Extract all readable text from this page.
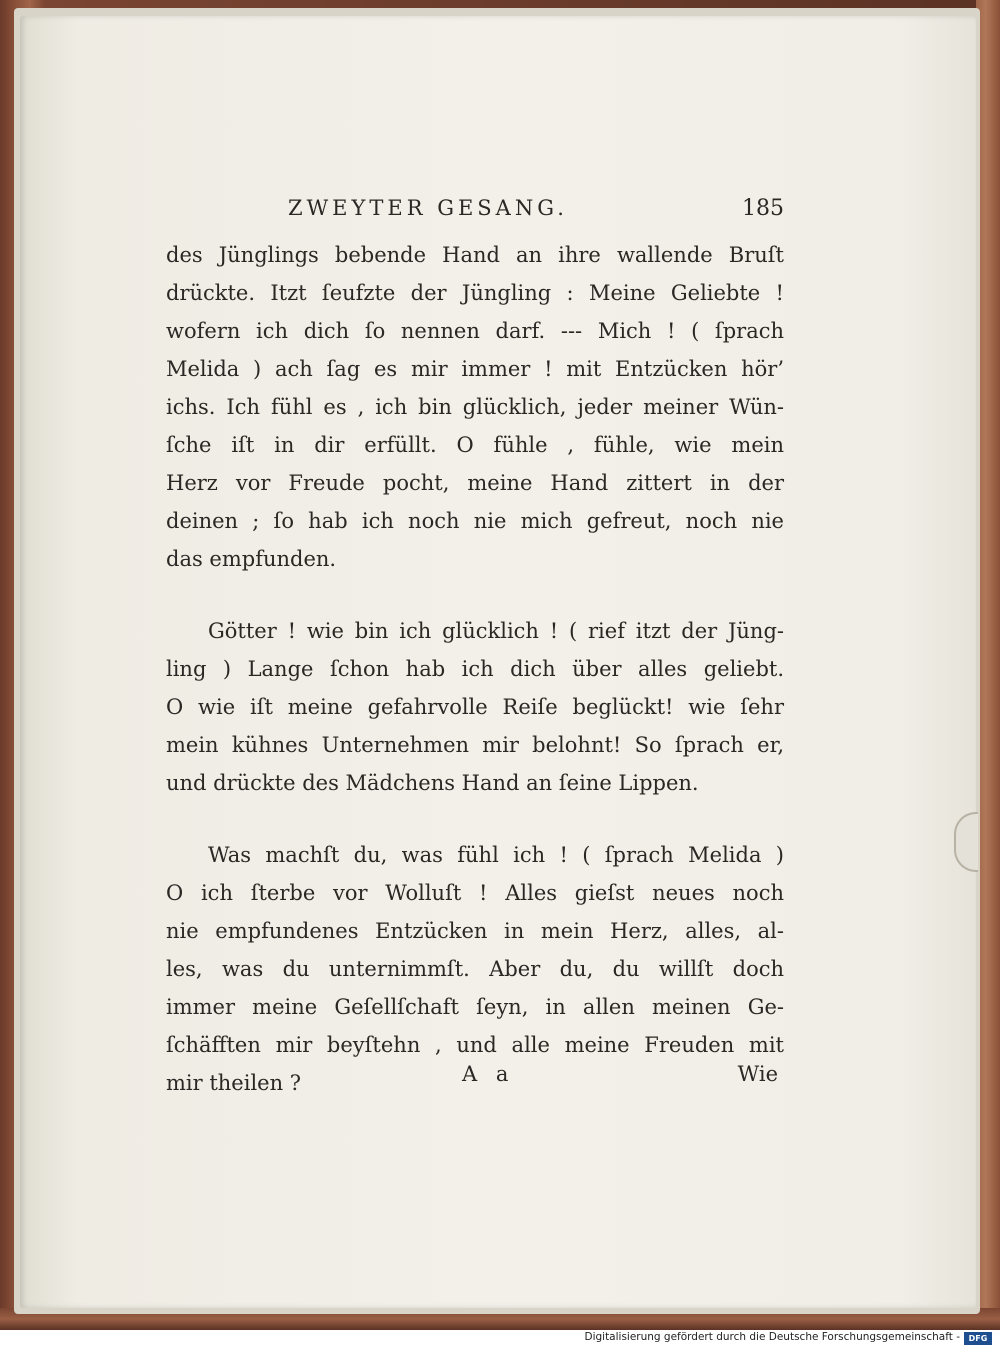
ZWEYTER GESANG.	185
des Jünglings bebende Hand an ihre wallende Bruſt
drückte. Itzt ſeufzte der Jüngling : Meine Geliebte !
wofern ich dich ſo nennen darf. --- Mich ! ( ſprach
Melida ) ach ſag es mir immer ! mit Entzücken hör’
ichs. Ich fühl es , ich bin glücklich, jeder meiner Wün-
ſche iſt in dir erfüllt. O fühle , fühle, wie mein
Herz vor Freude pocht, meine Hand zittert in der
deinen ; ſo hab ich noch nie mich gefreut, noch nie
das empfunden.
Götter ! wie bin ich glücklich ! ( rief itzt der Jüng-
ling ) Lange ſchon hab ich dich über alles geliebt.
O wie iſt meine gefahrvolle Reiſe beglückt! wie ſehr
mein kühnes Unternehmen mir belohnt! So ſprach er,
und drückte des Mädchens Hand an ſeine Lippen.
Was machſt du, was fühl ich ! ( ſprach Melida )
O ich ſterbe vor Wolluſt ! Alles gieſst neues noch
nie empfundenes Entzücken in mein Herz, alles, al-
les, was du unternimmſt. Aber du, du willſt doch
immer meine Geſellſchaft ſeyn, in allen meinen Ge-
ſchäfften mir beyſtehn , und alle meine Freuden mit
mir theilen ?	A a	Wie
Digitalisierung gefördert durch die Deutsche Forschungsgemeinschaft -	DFG
